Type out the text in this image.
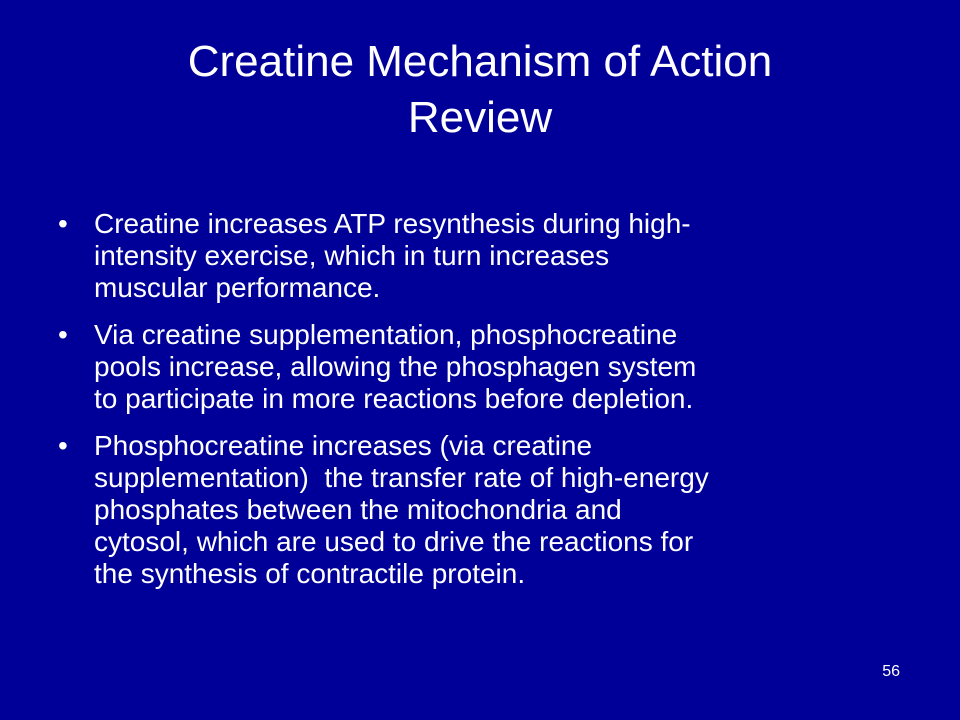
Creatine Mechanism of Action
Review
• Creatine increases ATP resynthesis during high-
intensity exercise, which in turn increases
muscular performance.
• Via creatine supplementation, phosphocreatine
pools increase, allowing the phosphagen system
to participate in more reactions before depletion.
• Phosphocreatine increases (via creatine
supplementation)  the transfer rate of high-energy
phosphates between the mitochondria and
cytosol, which are used to drive the reactions for
the synthesis of contractile protein.
56
